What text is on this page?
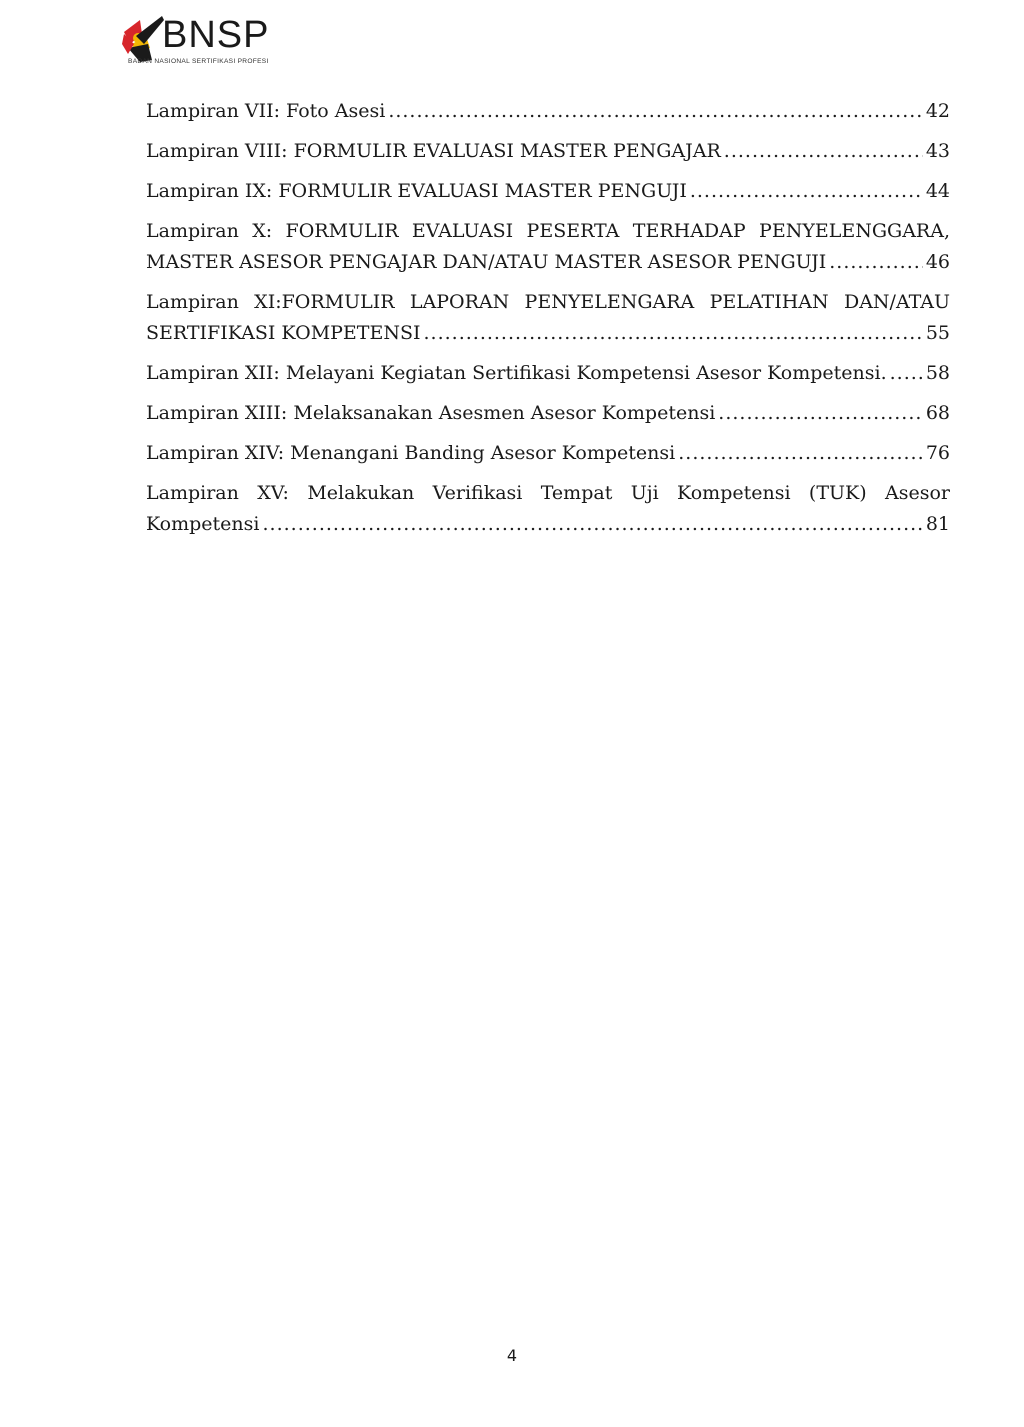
BNSP
BADAN NASIONAL SERTIFIKASI PROFESI
Lampiran VII: Foto Asesi .....	42
Lampiran VIII: FORMULIR EVALUASI MASTER PENGAJAR .....	43
Lampiran IX: FORMULIR EVALUASI MASTER PENGUJI .....	44
Lampiran X: FORMULIR EVALUASI PESERTA TERHADAP PENYELENGGARA,
MASTER ASESOR PENGAJAR DAN/ATAU MASTER ASESOR PENGUJI .....	46
Lampiran XI:FORMULIR LAPORAN PENYELENGARA PELATIHAN DAN/ATAU
SERTIFIKASI KOMPETENSI .....	55
Lampiran XII: Melayani Kegiatan Sertifikasi Kompetensi Asesor Kompetensi. ..... 58
Lampiran XIII: Melaksanakan Asesmen Asesor Kompetensi .....	68
Lampiran XIV: Menangani Banding Asesor Kompetensi .....	76
Lampiran XV: Melakukan Verifikasi Tempat Uji Kompetensi (TUK) Asesor
Kompetensi .....	81
4
